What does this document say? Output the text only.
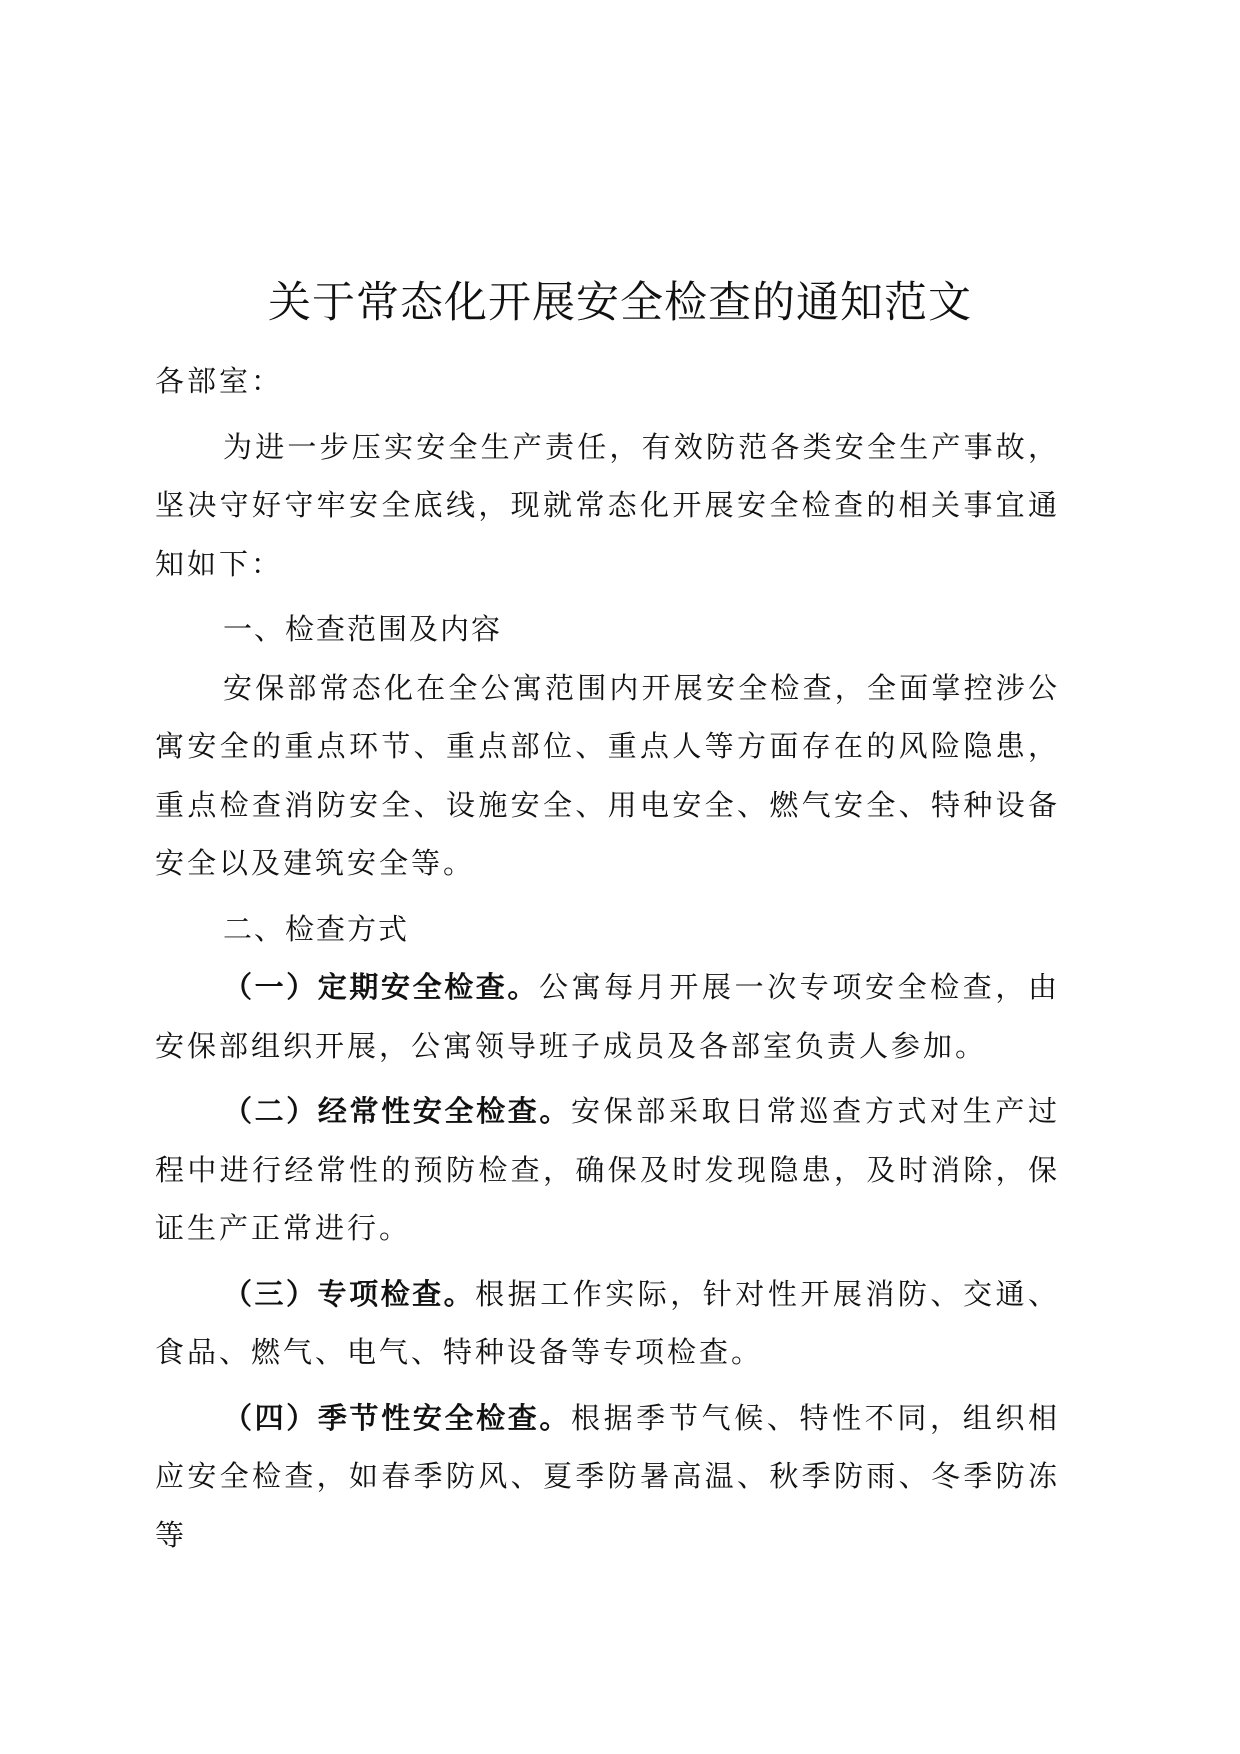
关于常态化开展安全检查的通知范文

各部室：

为进一步压实安全生产责任，有效防范各类安全生产事故，坚决守好守牢安全底线，现就常态化开展安全检查的相关事宜通知如下：

一、检查范围及内容

安保部常态化在全公寓范围内开展安全检查，全面掌控涉公寓安全的重点环节、重点部位、重点人等方面存在的风险隐患，重点检查消防安全、设施安全、用电安全、燃气安全、特种设备安全以及建筑安全等。

二、检查方式

（一）定期安全检查。公寓每月开展一次专项安全检查，由安保部组织开展，公寓领导班子成员及各部室负责人参加。

（二）经常性安全检查。安保部采取日常巡查方式对生产过程中进行经常性的预防检查，确保及时发现隐患，及时消除，保证生产正常进行。

（三）专项检查。根据工作实际，针对性开展消防、交通、食品、燃气、电气、特种设备等专项检查。

（四）季节性安全检查。根据季节气候、特性不同，组织相应安全检查，如春季防风、夏季防暑高温、秋季防雨、冬季防冻等
